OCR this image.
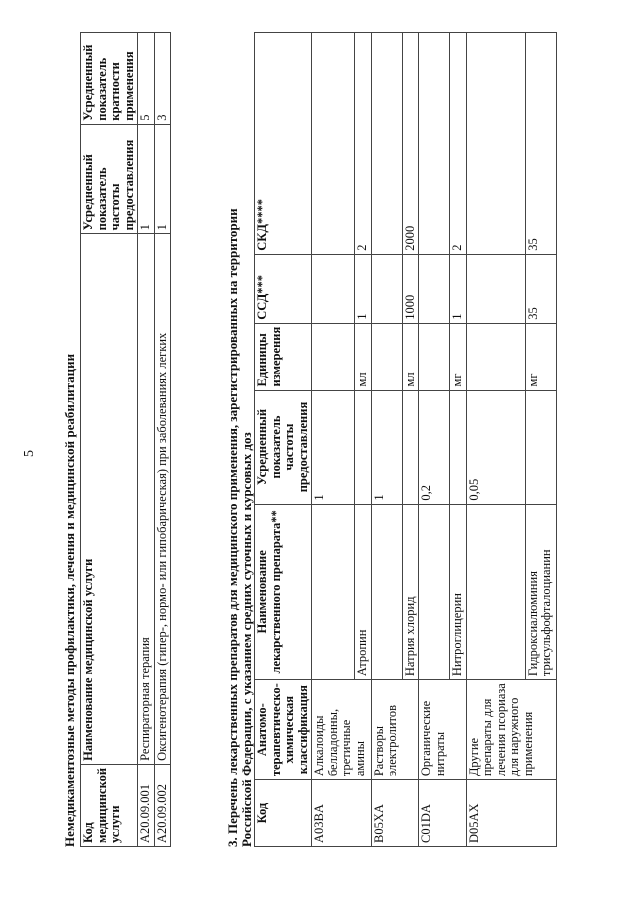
5 Немедикаментозные методы профилактики, лечения и медицинской реабилитации Код медицинской услуги	Наименование медицинской услуги	Усредненный показатель частоты предоставления	Усредненный показатель кратности применения
A20.09.001	Респираторная терапия	1	5
A20.09.002	Оксигенотерапия (гипер-, нормо- или гипобарическая) при заболеваниях легких	1	3
3. Перечень лекарственных препаратов для медицинского применения, зарегистрированных на территории Российской Федерации, с указанием средних суточных и курсовых доз Код	Анатомо-терапевтическо-химическая классификация	Наименование лекарственного препарата**	Усредненный показатель частоты предоставления	Единицы измерения	ССД***	СКД****
A03BA	Алкалоиды белладонны, третичные амины		1			
		Атропин		мл	1	2
B05XA	Растворы электролитов		1			
		Натрия хлорид		мл	1000	2000
C01DA	Органические нитраты		0,2			
		Нитроглицерин		мг	1	2
D05AX	Другие препараты для лечения псориаза для наружного применения		0,05			
		Гидроксиалюминия трисульфофталоцианин		мг	35	35
